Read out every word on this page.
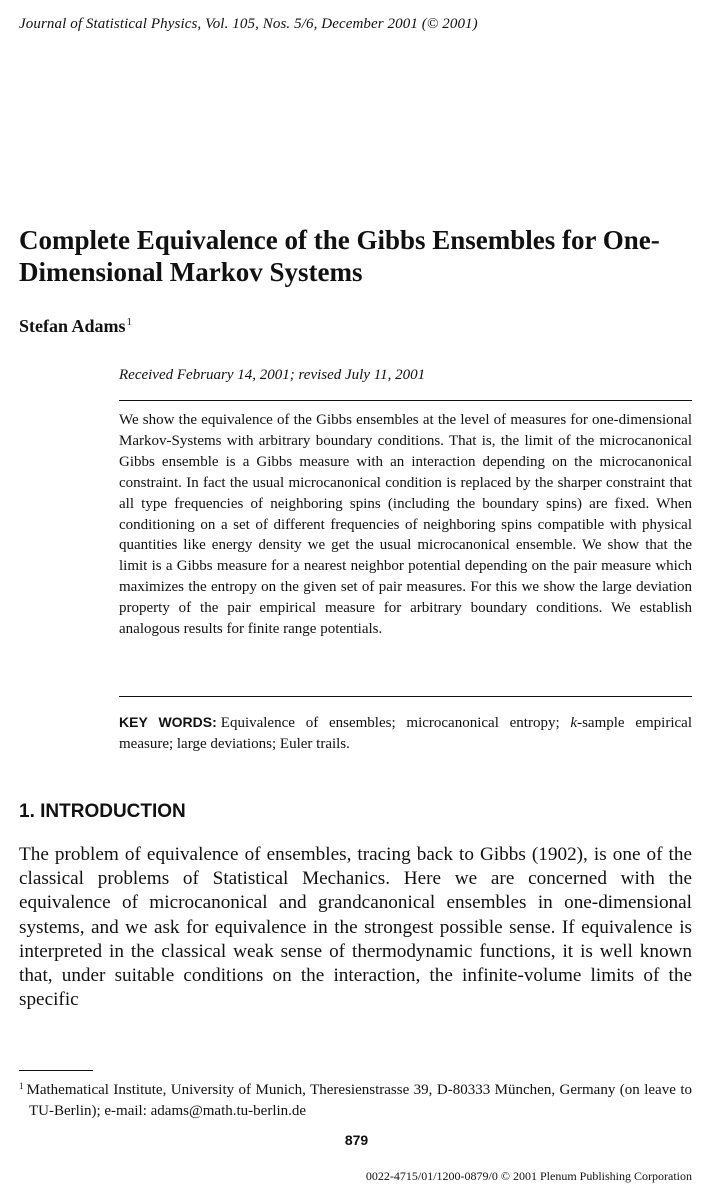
Journal of Statistical Physics, Vol. 105, Nos. 5/6, December 2001 (© 2001)
Complete Equivalence of the Gibbs Ensembles for One-Dimensional Markov Systems
Stefan Adams$^1$
Received February 14, 2001; revised July 11, 2001

We show the equivalence of the Gibbs ensembles at the level of measures for one-dimensional Markov-Systems with arbitrary boundary conditions. That is, the limit of the microcanonical Gibbs ensemble is a Gibbs measure with an interaction depending on the microcanonical constraint. In fact the usual microcanonical condition is replaced by the sharper constraint that all type frequencies of neighboring spins (including the boundary spins) are fixed. When conditioning on a set of different frequencies of neighboring spins compatible with physical quantities like energy density we get the usual microcanonical ensemble. We show that the limit is a Gibbs measure for a nearest neighbor potential depending on the pair measure which maximizes the entropy on the given set of pair measures. For this we show the large deviation property of the pair empirical measure for arbitrary boundary conditions. We establish analogous results for finite range potentials.

KEY WORDS: Equivalence of ensembles; microcanonical entropy; k-sample empirical measure; large deviations; Euler trails.

1. INTRODUCTION

The problem of equivalence of ensembles, tracing back to Gibbs (1902), is one of the classical problems of Statistical Mechanics. Here we are concerned with the equivalence of microcanonical and grandcanonical ensembles in one-dimensional systems, and we ask for equivalence in the strongest possible sense. If equivalence is interpreted in the classical weak sense of thermodynamic functions, it is well known that, under suitable conditions on the interaction, the infinite-volume limits of the specific

$^1$ Mathematical Institute, University of Munich, Theresienstrasse 39, D-80333 München, Germany (on leave to TU-Berlin); e-mail: adams@math.tu-berlin.de

879
0022-4715/01/1200-0879/0 © 2001 Plenum Publishing Corporation
